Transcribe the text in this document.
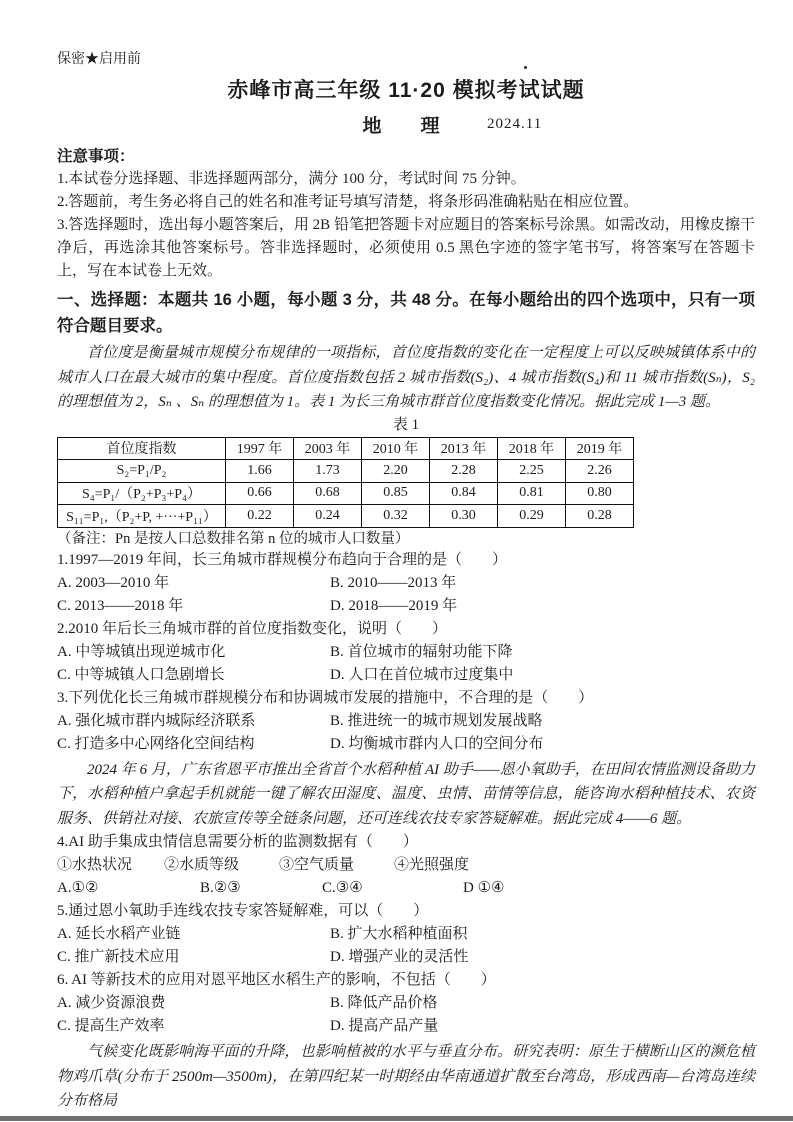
保密★启用前
赤峰市高三年级 11·20 模拟考试试题
地　理	2024.11
注意事项：
1.本试卷分选择题、非选择题两部分，满分 100 分，考试时间 75 分钟。
2.答题前，考生务必将自己的姓名和准考证号填写清楚，将条形码准确粘贴在相应位置。
3.答选择题时，选出每小题答案后，用 2B 铅笔把答题卡对应题目的答案标号涂黑。如需改动，用橡皮擦干净后，再选涂其他答案标号。答非选择题时，必须使用 0.5 黑色字迹的签字笔书写，将答案写在答题卡上，写在本试卷上无效。
一、选择题：本题共 16 小题，每小题 3 分，共 48 分。在每小题给出的四个选项中，只有一项符合题目要求。
首位度是衡量城市规模分布规律的一项指标，首位度指数的变化在一定程度上可以反映城镇体系中的城市人口在最大城市的集中程度。首位度指数包括 2 城市指数(S₂)、4 城市指数(S₄)和 11 城市指数(Sₙ)，S₂的理想值为 2，Sₙ 、Sₙ 的理想值为 1。表 1 为长三角城市群首位度指数变化情况。据此完成 1—3 题。
表 1
首位度指数	1997 年	2003 年	2010 年	2013 年	2018 年	2019 年
S₂=P₁/P₂	1.66	1.73	2.20	2.28	2.25	2.26
S₄=P₁/（P₂+P₃+P₄）	0.66	0.68	0.85	0.84	0.81	0.80
S₁₁=P₁,（P₂+P, +···+P₁₁）	0.22	0.24	0.32	0.30	0.29	0.28
（备注：Pn 是按人口总数排名第 n 位的城市人口数量）
1.1997—2019 年间，长三角城市群规模分布趋向于合理的是（　　）
A. 2003—2010 年	B. 2010——2013 年
C. 2013——2018 年	D. 2018——2019 年
2.2010 年后长三角城市群的首位度指数变化，说明（　　）
A. 中等城镇出现逆城市化	B. 首位城市的辐射功能下降
C. 中等城镇人口急剧增长	D. 人口在首位城市过度集中
3.下列优化长三角城市群规模分布和协调城市发展的措施中，不合理的是（　　）
A. 强化城市群内城际经济联系	B. 推进统一的城市规划发展战略
C. 打造多中心网络化空间结构	D. 均衡城市群内人口的空间分布
2024 年 6 月，广东省恩平市推出全省首个水稻种植 AI 助手——恩小氧助手，在田间农情监测设备助力下，水稻种植户拿起手机就能一键了解农田湿度、温度、虫情、苗情等信息，能咨询水稻种植技术、农资服务、供销社对接、农旅宣传等全链条问题，还可连线农技专家答疑解难。据此完成 4——6 题。
4.AI 助手集成虫情信息需要分析的监测数据有（　　）
①水热状况	②水质等级	③空气质量	④光照强度
A.①②	B.②③	C.③④	D ①④
5.通过恩小氧助手连线农技专家答疑解难，可以（　　）
A. 延长水稻产业链	B. 扩大水稻种植面积
C. 推广新技术应用	D. 增强产业的灵活性
6. AI 等新技术的应用对恩平地区水稻生产的影响，不包括（　　）
A. 减少资源浪费	B. 降低产品价格
C. 提高生产效率	D. 提高产品产量
气候变化既影响海平面的升降，也影响植被的水平与垂直分布。研究表明：原生于横断山区的濒危植物鸡爪草(分布于 2500m—3500m)，在第四纪某一时期经由华南通道扩散至台湾岛，形成西南—台湾岛连续分布格局
